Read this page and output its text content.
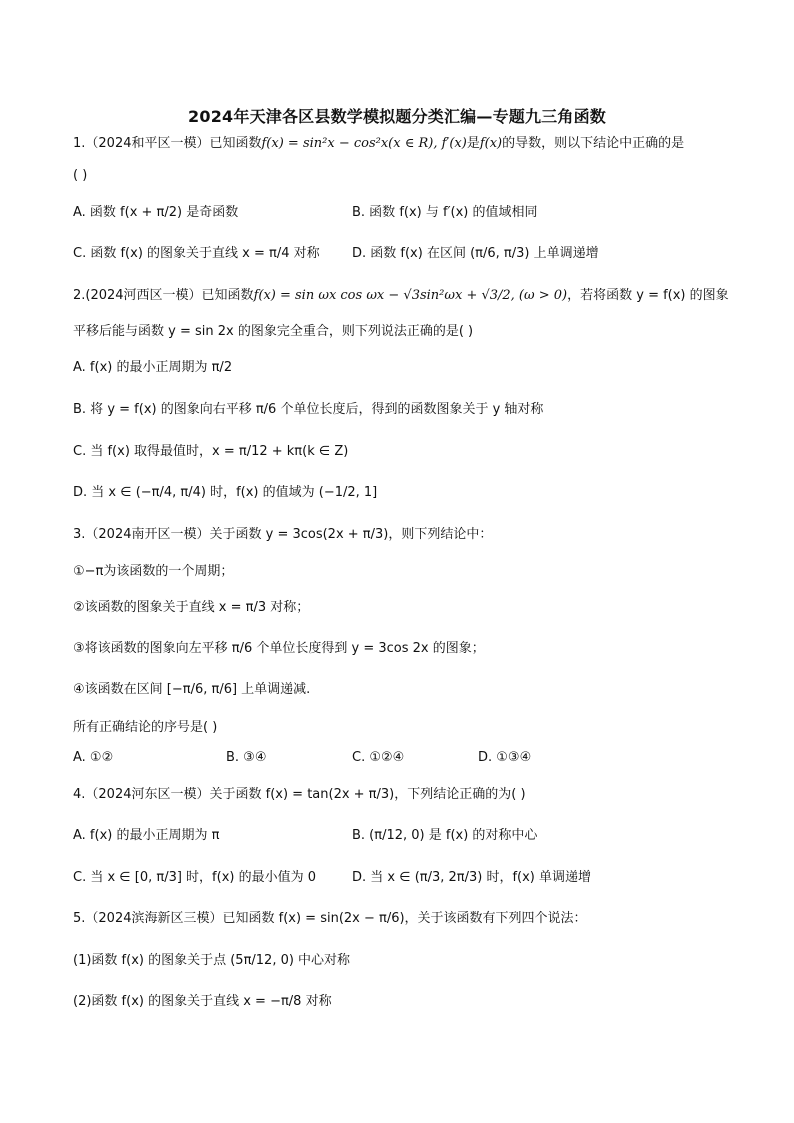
2024年天津各区县数学模拟题分类汇编—专题九三角函数
1.（2024和平区一模）已知函数f(x) = sin²x − cos²x(x ∈ R), f′(x)是f(x)的导数，则以下结论中正确的是
( )
A. 函数 f(x + π/2) 是奇函数	B. 函数 f(x) 与 f′(x) 的值域相同
C. 函数 f(x) 的图象关于直线 x = π/4 对称 D. 函数 f(x) 在区间 (π/6, π/3) 上单调递增
2.(2024河西区一模）已知函数f(x) = sin ωx cos ωx − √3sin²ωx + √3/2, (ω > 0)，若将函数 y = f(x) 的图象
平移后能与函数 y = sin 2x 的图象完全重合，则下列说法正确的是( )
A. f(x) 的最小正周期为 π/2
B. 将 y = f(x) 的图象向右平移 π/6 个单位长度后，得到的函数图象关于 y 轴对称
C. 当 f(x) 取得最值时，x = π/12 + kπ(k ∈ Z)
D. 当 x ∈ (−π/4, π/4) 时，f(x) 的值域为 (−1/2, 1]
3.（2024南开区一模）关于函数 y = 3cos(2x + π/3)，则下列结论中：
①−π为该函数的一个周期；
②该函数的图象关于直线 x = π/3 对称；
③将该函数的图象向左平移 π/6 个单位长度得到 y = 3cos 2x 的图象；
④该函数在区间 [−π/6, π/6] 上单调递减.
所有正确结论的序号是( )
A. ①②	B. ③④	C. ①②④	D. ①③④
4.（2024河东区一模）关于函数 f(x) = tan(2x + π/3)，下列结论正确的为( )
A. f(x) 的最小正周期为 π	B. (π/12, 0) 是 f(x) 的对称中心
C. 当 x ∈ [0, π/3] 时，f(x) 的最小值为 0	D. 当 x ∈ (π/3, 2π/3) 时，f(x) 单调递增
5.（2024滨海新区三模）已知函数 f(x) = sin(2x − π/6)，关于该函数有下列四个说法：
(1)函数 f(x) 的图象关于点 (5π/12, 0) 中心对称
(2)函数 f(x) 的图象关于直线 x = −π/8 对称
